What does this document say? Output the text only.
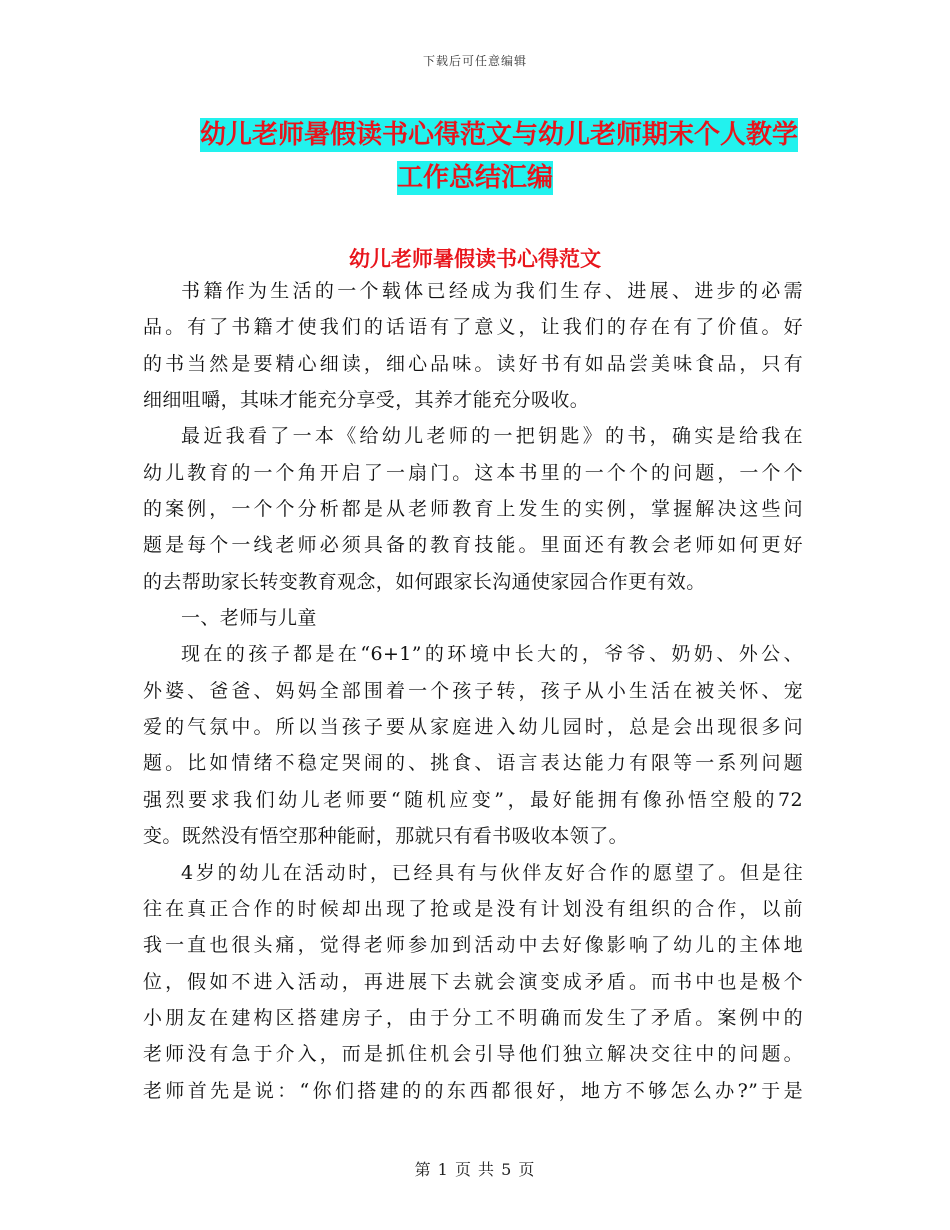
下载后可任意编辑
幼儿老师暑假读书心得范文与幼儿老师期末个人教学
工作总结汇编
幼儿老师暑假读书心得范文
书籍作为生活的一个载体已经成为我们生存、进展、进步的必需
品。有了书籍才使我们的话语有了意义，让我们的存在有了价值。好
的书当然是要精心细读，细心品味。读好书有如品尝美味食品，只有
细细咀嚼，其味才能充分享受，其养才能充分吸收。
最近我看了一本《给幼儿老师的一把钥匙》的书，确实是给我在
幼儿教育的一个角开启了一扇门。这本书里的一个个的问题，一个个
的案例，一个个分析都是从老师教育上发生的实例，掌握解决这些问
题是每个一线老师必须具备的教育技能。里面还有教会老师如何更好
的去帮助家长转变教育观念，如何跟家长沟通使家园合作更有效。
一、老师与儿童
现在的孩子都是在“6+1”的环境中长大的，爷爷、奶奶、外公、
外婆、爸爸、妈妈全部围着一个孩子转，孩子从小生活在被关怀、宠
爱的气氛中。所以当孩子要从家庭进入幼儿园时，总是会出现很多问
题。比如情绪不稳定哭闹的、挑食、语言表达能力有限等一系列问题
强烈要求我们幼儿老师要“随机应变”，最好能拥有像孙悟空般的72
变。既然没有悟空那种能耐，那就只有看书吸收本领了。
4岁的幼儿在活动时，已经具有与伙伴友好合作的愿望了。但是往
往在真正合作的时候却出现了抢或是没有计划没有组织的合作，以前
我一直也很头痛，觉得老师参加到活动中去好像影响了幼儿的主体地
位，假如不进入活动，再进展下去就会演变成矛盾。而书中也是极个
小朋友在建构区搭建房子，由于分工不明确而发生了矛盾。案例中的
老师没有急于介入，而是抓住机会引导他们独立解决交往中的问题。
老师首先是说：“你们搭建的的东西都很好，地方不够怎么办?”于是
第 1 页 共 5 页
